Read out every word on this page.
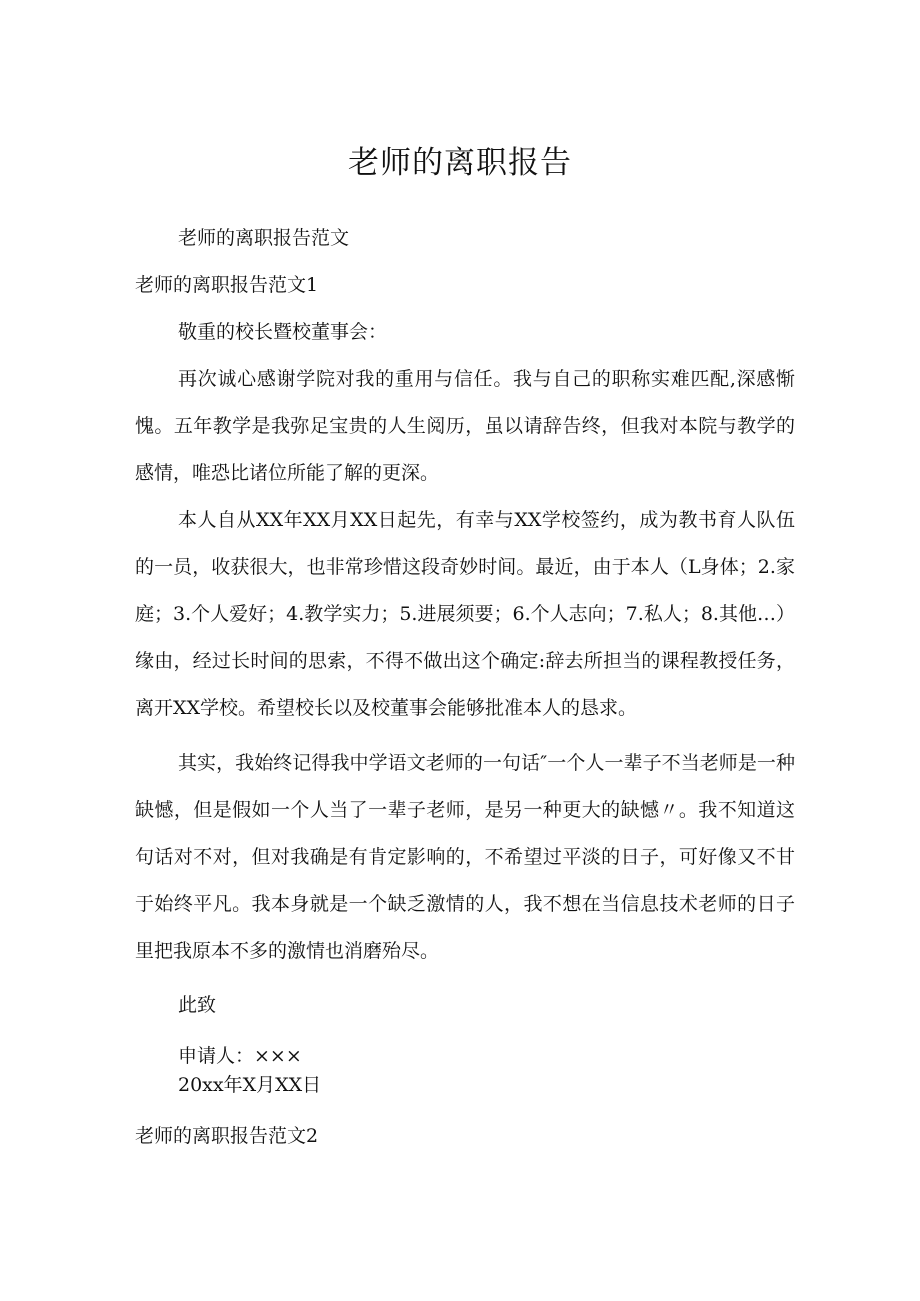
老师的离职报告

老师的离职报告范文

老师的离职报告范文1

敬重的校长暨校董事会：

再次诚心感谢学院对我的重用与信任。我与自己的职称实难匹配,深感惭愧。五年教学是我弥足宝贵的人生阅历，虽以请辞告终，但我对本院与教学的感情，唯恐比诸位所能了解的更深。

本人自从XX年XX月XX日起先，有幸与XX学校签约，成为教书育人队伍的一员，收获很大，也非常珍惜这段奇妙时间。最近，由于本人（L身体；2.家庭；3.个人爱好；4.教学实力；5.进展须要；6.个人志向；7.私人；8.其他…）缘由，经过长时间的思索，不得不做出这个确定:辞去所担当的课程教授任务，离开XX学校。希望校长以及校董事会能够批准本人的恳求。

其实，我始终记得我中学语文老师的一句话″一个人一辈子不当老师是一种缺憾，但是假如一个人当了一辈子老师，是另一种更大的缺憾〃。我不知道这句话对不对，但对我确是有肯定影响的，不希望过平淡的日子，可好像又不甘于始终平凡。我本身就是一个缺乏激情的人，我不想在当信息技术老师的日子里把我原本不多的激情也消磨殆尽。

此致

申请人：×××

20xx年X月XX日

老师的离职报告范文2
